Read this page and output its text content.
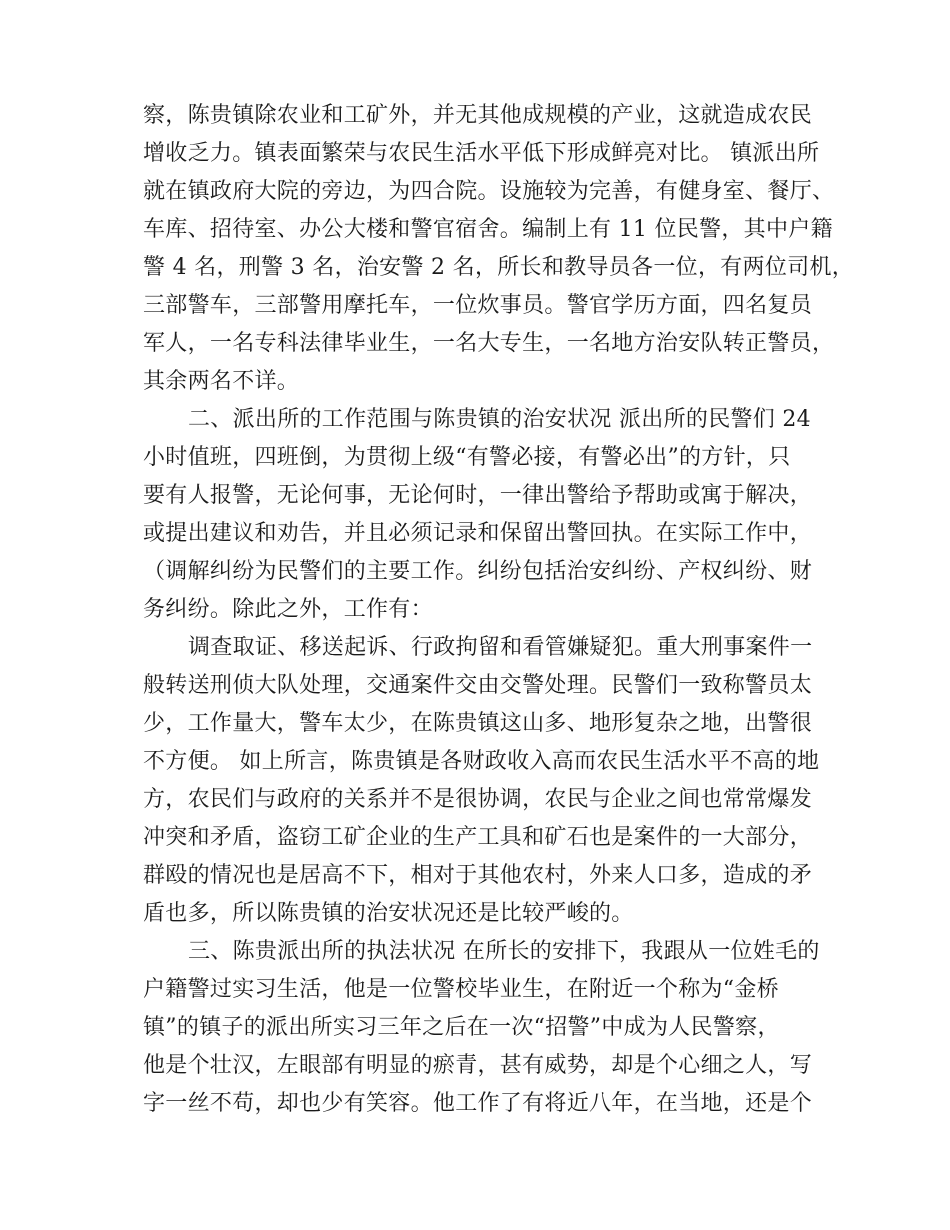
察，陈贵镇除农业和工矿外，并无其他成规模的产业，这就造成农民
增收乏力。镇表面繁荣与农民生活水平低下形成鲜亮对比。 镇派出所
就在镇政府大院的旁边，为四合院。设施较为完善，有健身室、餐厅、
车库、招待室、办公大楼和警官宿舍。编制上有 11 位民警，其中户籍
警 4 名，刑警 3 名，治安警 2 名，所长和教导员各一位，有两位司机，
三部警车，三部警用摩托车，一位炊事员。警官学历方面，四名复员
军人，一名专科法律毕业生，一名大专生，一名地方治安队转正警员，
其余两名不详。
二、派出所的工作范围与陈贵镇的治安状况 派出所的民警们 24
小时值班，四班倒，为贯彻上级“有警必接，有警必出”的方针，只
要有人报警，无论何事，无论何时，一律出警给予帮助或寓于解决，
或提出建议和劝告，并且必须记录和保留出警回执。在实际工作中，
（调解纠纷为民警们的主要工作。纠纷包括治安纠纷、产权纠纷、财
务纠纷。除此之外，工作有：
调查取证、移送起诉、行政拘留和看管嫌疑犯。重大刑事案件一
般转送刑侦大队处理，交通案件交由交警处理。民警们一致称警员太
少，工作量大，警车太少，在陈贵镇这山多、地形复杂之地，出警很
不方便。 如上所言，陈贵镇是各财政收入高而农民生活水平不高的地
方，农民们与政府的关系并不是很协调，农民与企业之间也常常爆发
冲突和矛盾，盗窃工矿企业的生产工具和矿石也是案件的一大部分，
群殴的情况也是居高不下，相对于其他农村，外来人口多，造成的矛
盾也多，所以陈贵镇的治安状况还是比较严峻的。
三、陈贵派出所的执法状况 在所长的安排下，我跟从一位姓毛的
户籍警过实习生活，他是一位警校毕业生，在附近一个称为“金桥
镇”的镇子的派出所实习三年之后在一次“招警”中成为人民警察，
他是个壮汉，左眼部有明显的瘀青，甚有威势，却是个心细之人，写
字一丝不苟，却也少有笑容。他工作了有将近八年，在当地，还是个
